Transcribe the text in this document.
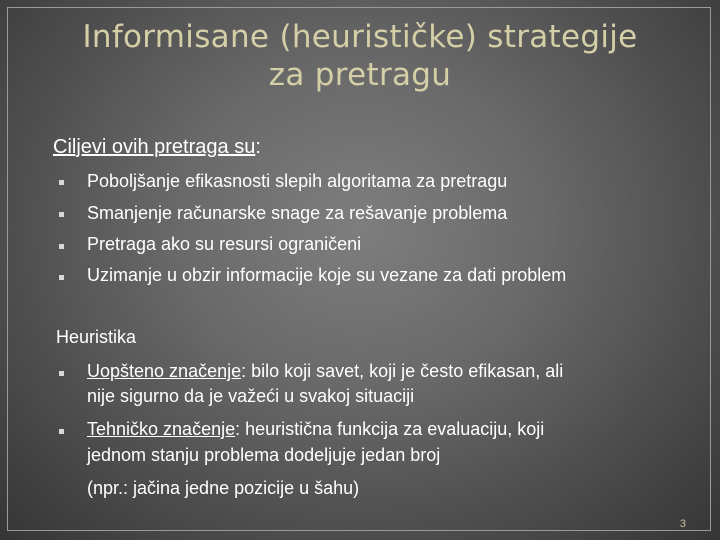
Informisane (heurističke) strategije
za pretragu
Ciljevi ovih pretraga su:
Poboljšanje efikasnosti slepih algoritama za pretragu
Smanjenje računarske snage za rešavanje problema
Pretraga ako su resursi ograničeni
Uzimanje u obzir informacije koje su vezane za dati problem
Heuristika
Uopšteno značenje: bilo koji savet, koji je često efikasan, ali
nije sigurno da je važeći u svakoj situaciji
Tehničko značenje: heuristična funkcija za evaluaciju, koji
jednom stanju problema dodeljuje jedan broj
(npr.: jačina jedne pozicije u šahu)
3
